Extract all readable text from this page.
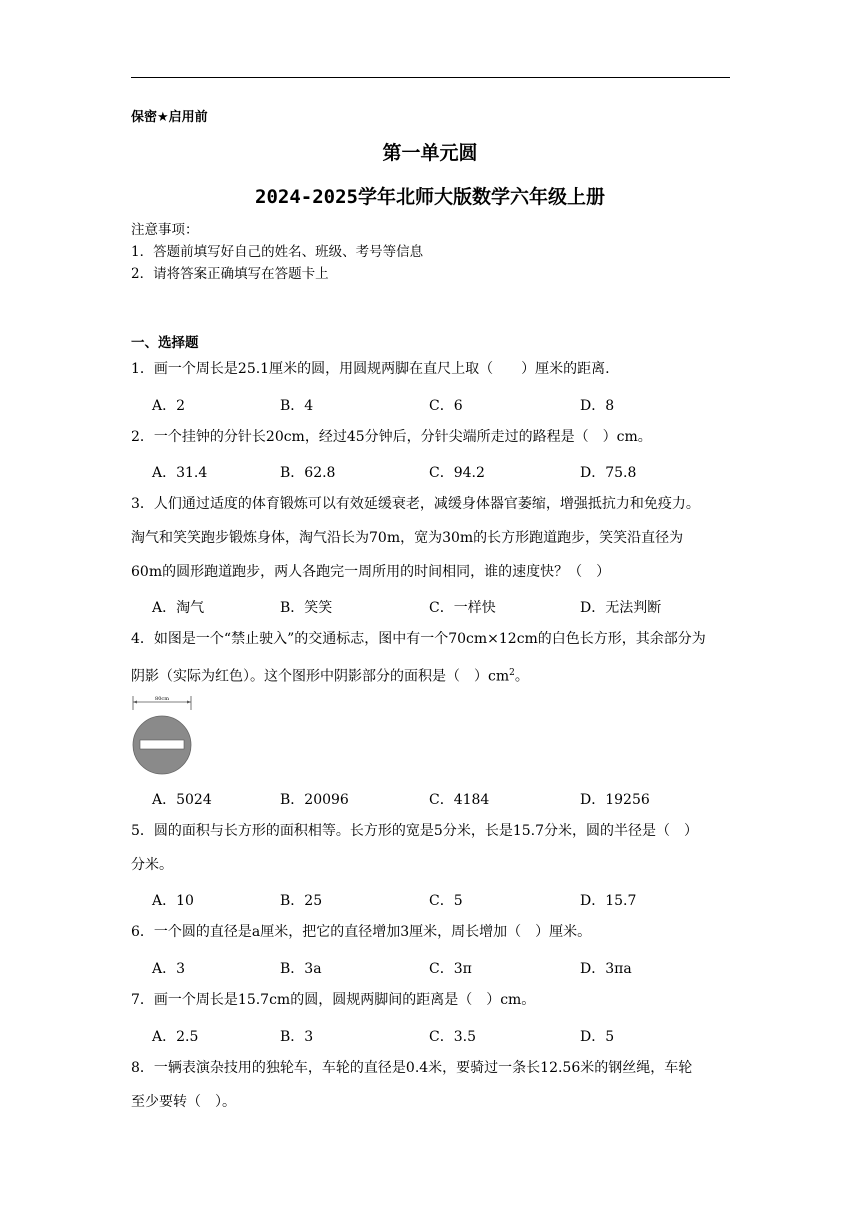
保密★启用前
第一单元圆
2024-2025学年北师大版数学六年级上册
注意事项：
1．答题前填写好自己的姓名、班级、考号等信息
2．请将答案正确填写在答题卡上
一、选择题
1．画一个周长是25.1厘米的圆，用圆规两脚在直尺上取（　　）厘米的距离.
A．2	B．4	C．6	D．8
2．一个挂钟的分针长20cm，经过45分钟后，分针尖端所走过的路程是（　）cm。
A．31.4	B．62.8	C．94.2	D．75.8
3．人们通过适度的体育锻炼可以有效延缓衰老，减缓身体器官萎缩，增强抵抗力和免疫力。
淘气和笑笑跑步锻炼身体，淘气沿长为70m，宽为30m的长方形跑道跑步，笑笑沿直径为
60m的圆形跑道跑步，两人各跑完一周所用的时间相同，谁的速度快？（　）
A．淘气	B．笑笑	C．一样快	D．无法判断
4．如图是一个“禁止驶入”的交通标志，图中有一个70cm×12cm的白色长方形，其余部分为
阴影（实际为红色）。这个图形中阴影部分的面积是（　）$cm^2$。
80cm
A．5024	B．20096	C．4184	D．19256
5．圆的面积与长方形的面积相等。长方形的宽是5分米，长是15.7分米，圆的半径是（　）
分米。
A．10	B．25	C．5	D．15.7
6．一个圆的直径是a厘米，把它的直径增加3厘米，周长增加（　）厘米。
A．3	B．3a	C．3π	D．3πa
7．画一个周长是15.7cm的圆，圆规两脚间的距离是（　）cm。
A．2.5	B．3	C．3.5	D．5
8．一辆表演杂技用的独轮车，车轮的直径是0.4米，要骑过一条长12.56米的钢丝绳，车轮
至少要转（　）。
